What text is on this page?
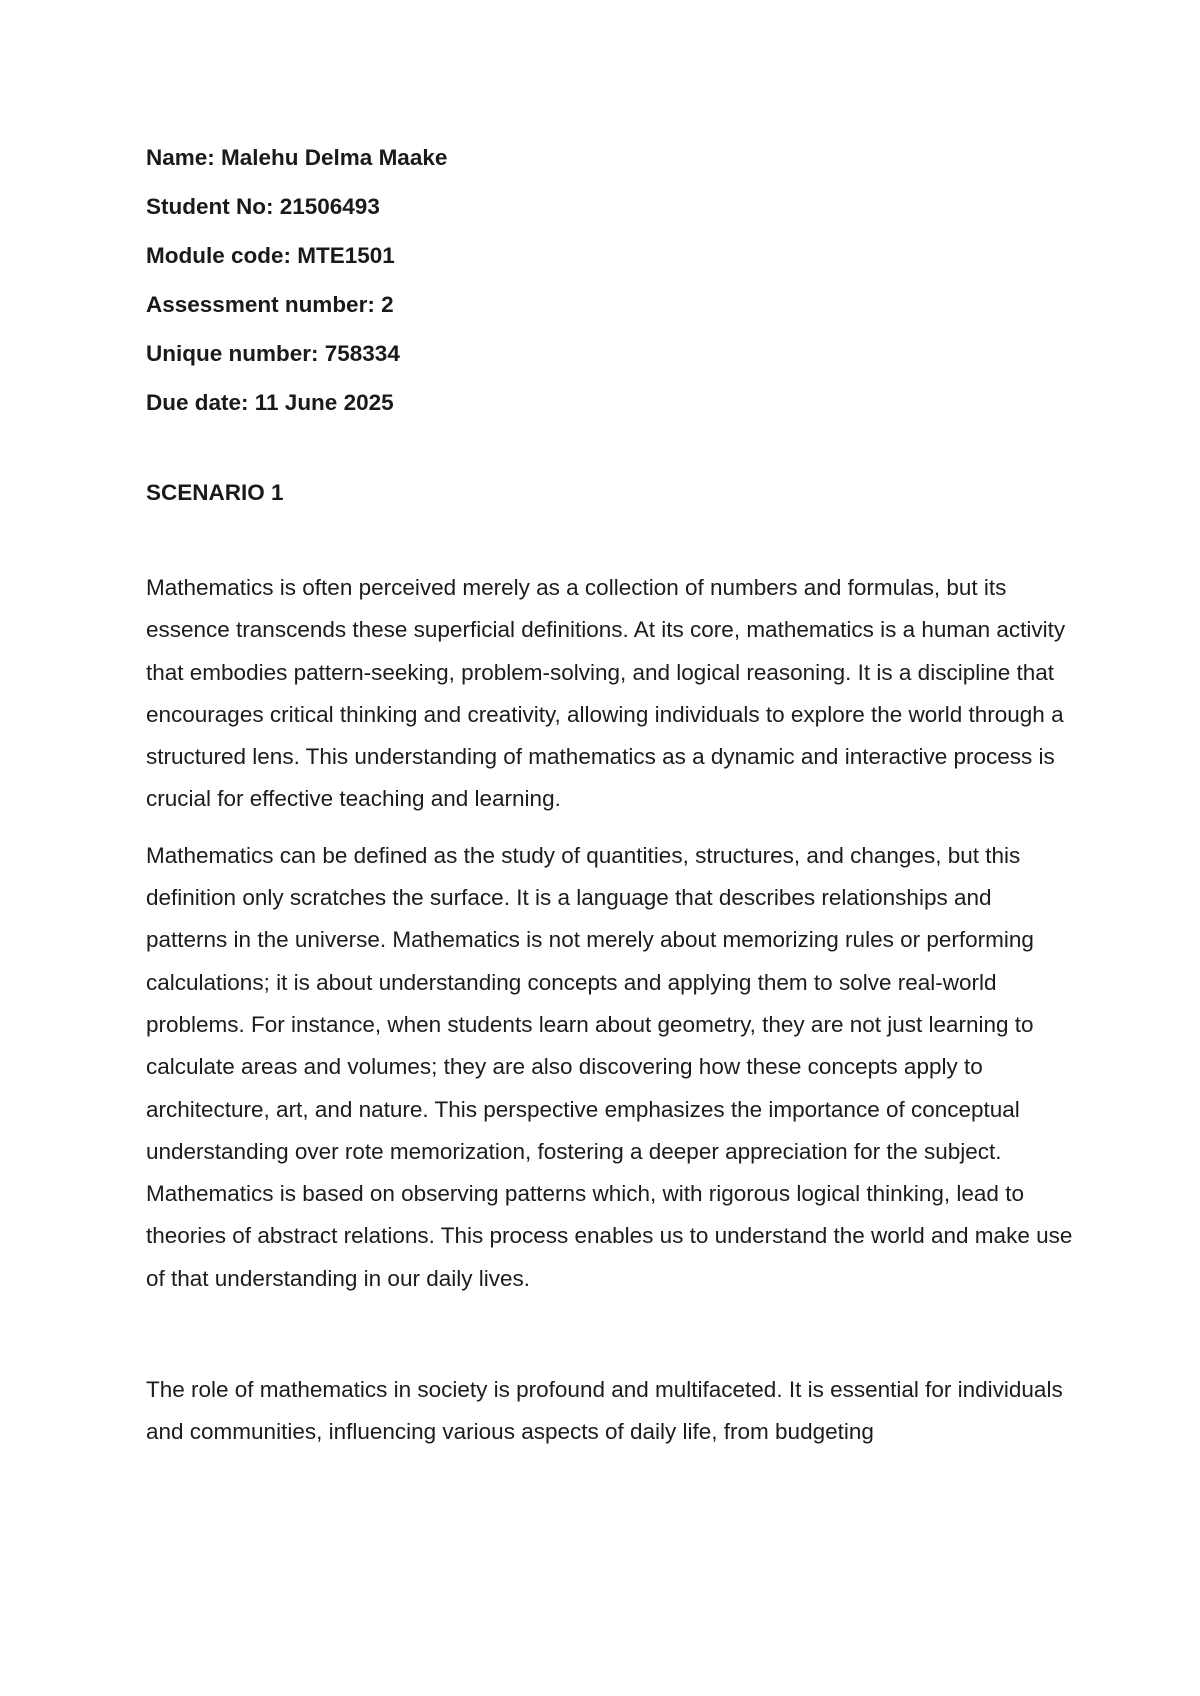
Name: Malehu Delma Maake
Student No: 21506493
Module code: MTE1501
Assessment number: 2
Unique number: 758334
Due date: 11 June 2025
SCENARIO 1

Mathematics is often perceived merely as a collection of numbers and formulas, but its essence transcends these superficial definitions. At its core, mathematics is a human activity that embodies pattern-seeking, problem-solving, and logical reasoning. It is a discipline that encourages critical thinking and creativity, allowing individuals to explore the world through a structured lens. This understanding of mathematics as a dynamic and interactive process is crucial for effective teaching and learning.

Mathematics can be defined as the study of quantities, structures, and changes, but this definition only scratches the surface. It is a language that describes relationships and patterns in the universe. Mathematics is not merely about memorizing rules or performing calculations; it is about understanding concepts and applying them to solve real-world problems. For instance, when students learn about geometry, they are not just learning to calculate areas and volumes; they are also discovering how these concepts apply to architecture, art, and nature. This perspective emphasizes the importance of conceptual understanding over rote memorization, fostering a deeper appreciation for the subject. Mathematics is based on observing patterns which, with rigorous logical thinking, lead to theories of abstract relations. This process enables us to understand the world and make use of that understanding in our daily lives.

The role of mathematics in society is profound and multifaceted. It is essential for individuals and communities, influencing various aspects of daily life, from budgeting
